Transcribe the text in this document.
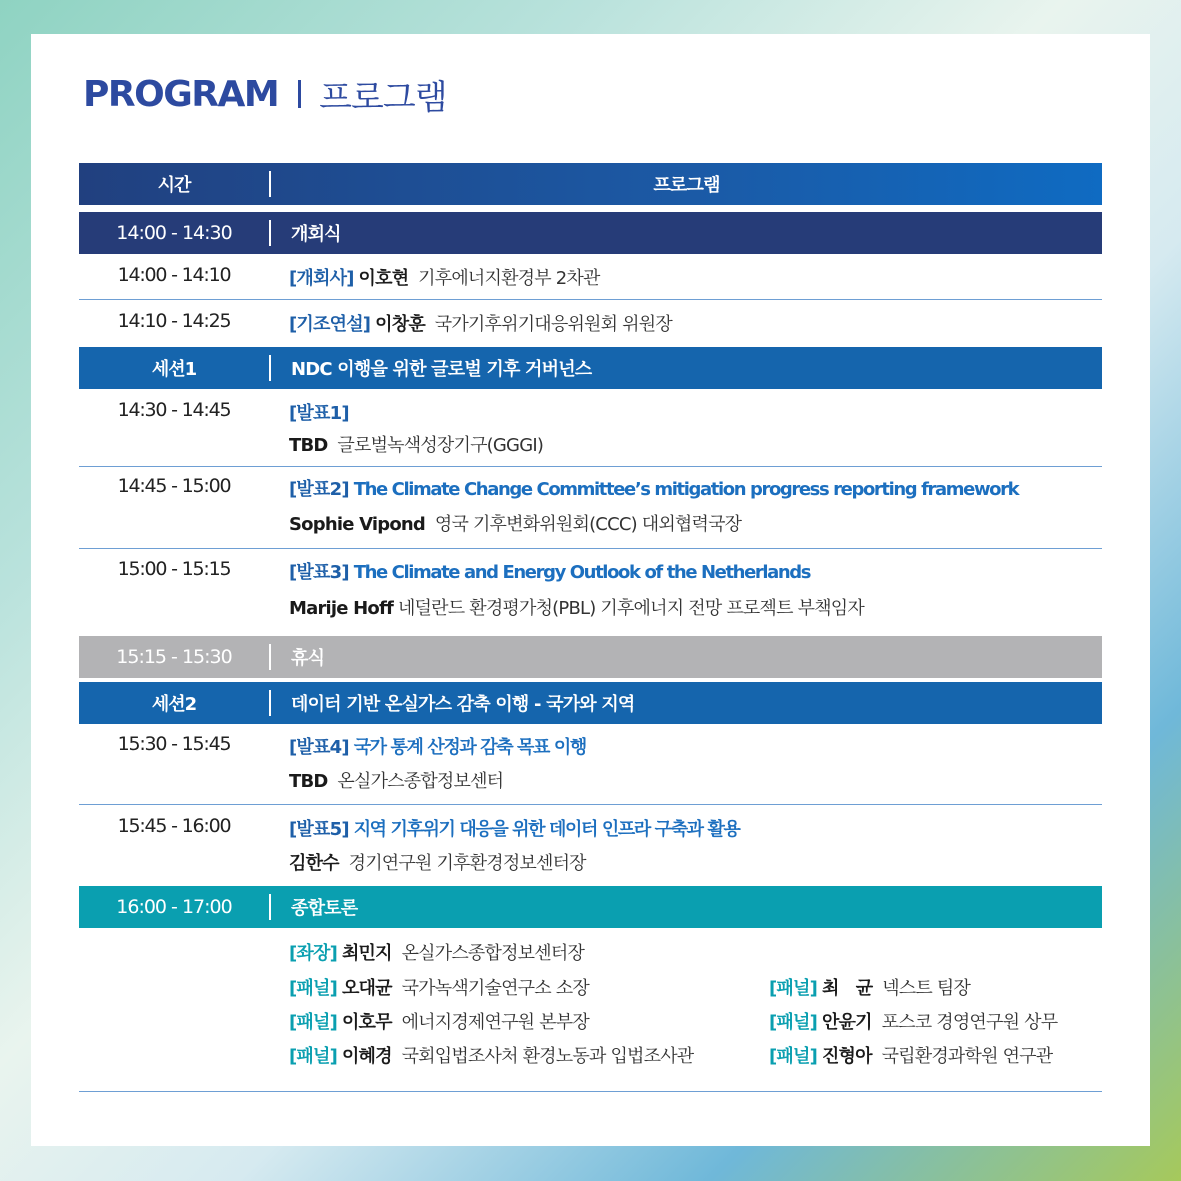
PROGRAM 프로그램
시간	프로그램
14:00 - 14:30	개회식
14:00 - 14:10	[개회사] 이호현 기후에너지환경부 2차관
14:10 - 14:25	[기조연설] 이창훈 국가기후위기대응위원회 위원장
세션1	NDC 이행을 위한 글로벌 기후 거버넌스
14:30 - 14:45	[발표1]
TBD 글로벌녹색성장기구(GGGI)
14:45 - 15:00	[발표2] The Climate Change Committee’s mitigation progress reporting framework
Sophie Vipond 영국 기후변화위원회(CCC) 대외협력국장
15:00 - 15:15	[발표3] The Climate and Energy Outlook of the Netherlands
Marije Hoff 네덜란드 환경평가청(PBL) 기후에너지 전망 프로젝트 부책임자
15:15 - 15:30	휴식
세션2	데이터 기반 온실가스 감축 이행 - 국가와 지역
15:30 - 15:45	[발표4] 국가 통계 산정과 감축 목표 이행
TBD 온실가스종합정보센터
15:45 - 16:00	[발표5] 지역 기후위기 대응을 위한 데이터 인프라 구축과 활용
김한수 경기연구원 기후환경정보센터장
16:00 - 17:00	종합토론
[좌장] 최민지 온실가스종합정보센터장
[패널] 오대균 국가녹색기술연구소 소장	[패널] 최　균 넥스트 팀장
[패널] 이호무 에너지경제연구원 본부장	[패널] 안윤기 포스코 경영연구원 상무
[패널] 이혜경 국회입법조사처 환경노동과 입법조사관	[패널] 진형아 국립환경과학원 연구관
